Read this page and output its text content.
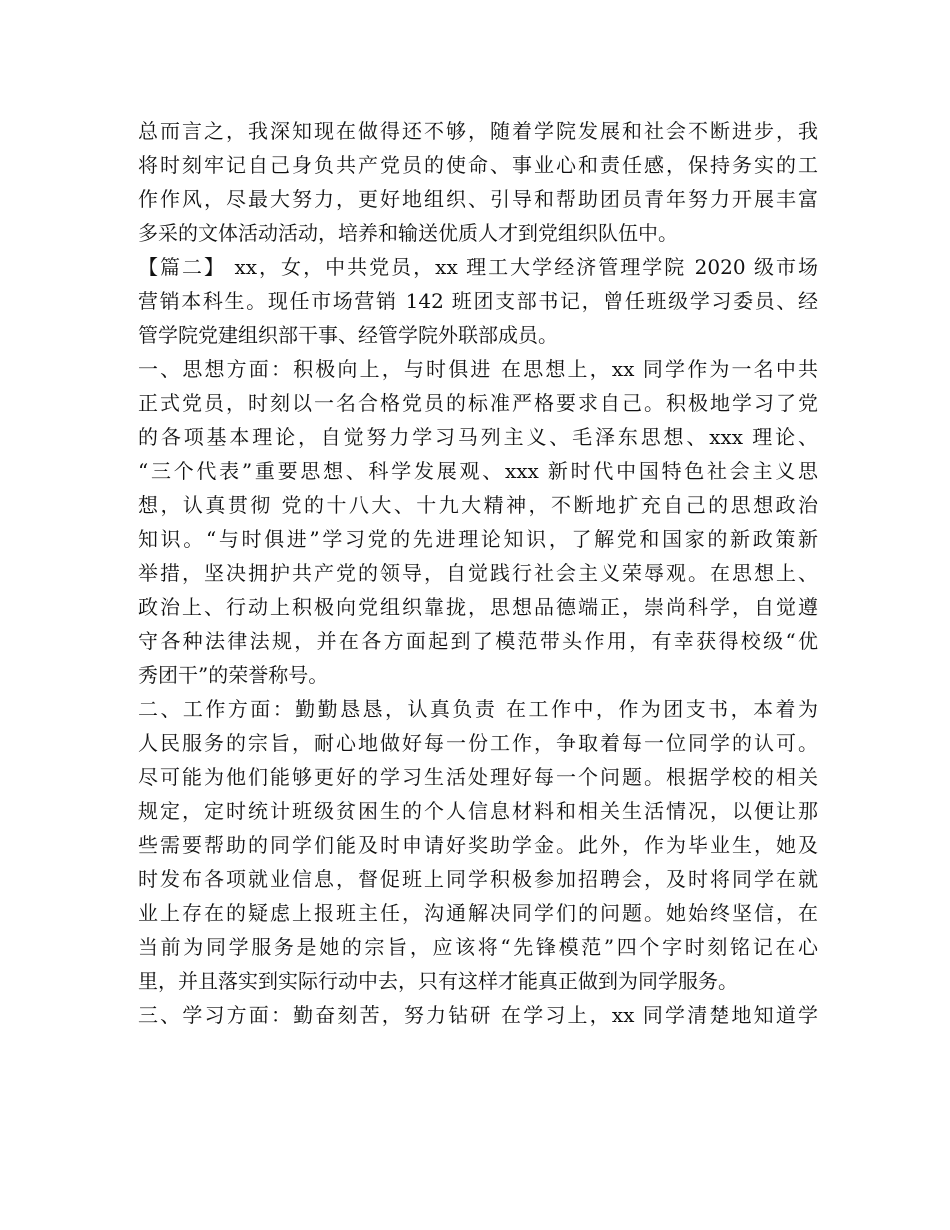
总而言之，我深知现在做得还不够，随着学院发展和社会不断进步，我
将时刻牢记自己身负共产党员的使命、事业心和责任感，保持务实的工
作作风，尽最大努力，更好地组织、引导和帮助团员青年努力开展丰富
多采的文体活动活动，培养和输送优质人才到党组织队伍中。
【篇二】 xx，女，中共党员，xx 理工大学经济管理学院 2020 级市场
营销本科生。现任市场营销 142 班团支部书记，曾任班级学习委员、经
管学院党建组织部干事、经管学院外联部成员。
一、思想方面：积极向上，与时俱进 在思想上，xx 同学作为一名中共
正式党员，时刻以一名合格党员的标准严格要求自己。积极地学习了党
的各项基本理论，自觉努力学习马列主义、毛泽东思想、xxx 理论、
“三个代表”重要思想、科学发展观、xxx 新时代中国特色社会主义思
想，认真贯彻 党的十八大、十九大精神，不断地扩充自己的思想政治
知识。“与时俱进”学习党的先进理论知识，了解党和国家的新政策新
举措，坚决拥护共产党的领导，自觉践行社会主义荣辱观。在思想上、
政治上、行动上积极向党组织靠拢，思想品德端正，崇尚科学，自觉遵
守各种法律法规，并在各方面起到了模范带头作用，有幸获得校级“优
秀团干”的荣誉称号。
二、工作方面：勤勤恳恳，认真负责 在工作中，作为团支书，本着为
人民服务的宗旨，耐心地做好每一份工作，争取着每一位同学的认可。
尽可能为他们能够更好的学习生活处理好每一个问题。根据学校的相关
规定，定时统计班级贫困生的个人信息材料和相关生活情况，以便让那
些需要帮助的同学们能及时申请好奖助学金。此外，作为毕业生，她及
时发布各项就业信息，督促班上同学积极参加招聘会，及时将同学在就
业上存在的疑虑上报班主任，沟通解决同学们的问题。她始终坚信，在
当前为同学服务是她的宗旨，应该将“先锋模范”四个字时刻铭记在心
里，并且落实到实际行动中去，只有这样才能真正做到为同学服务。
三、学习方面：勤奋刻苦，努力钻研 在学习上，xx 同学清楚地知道学
